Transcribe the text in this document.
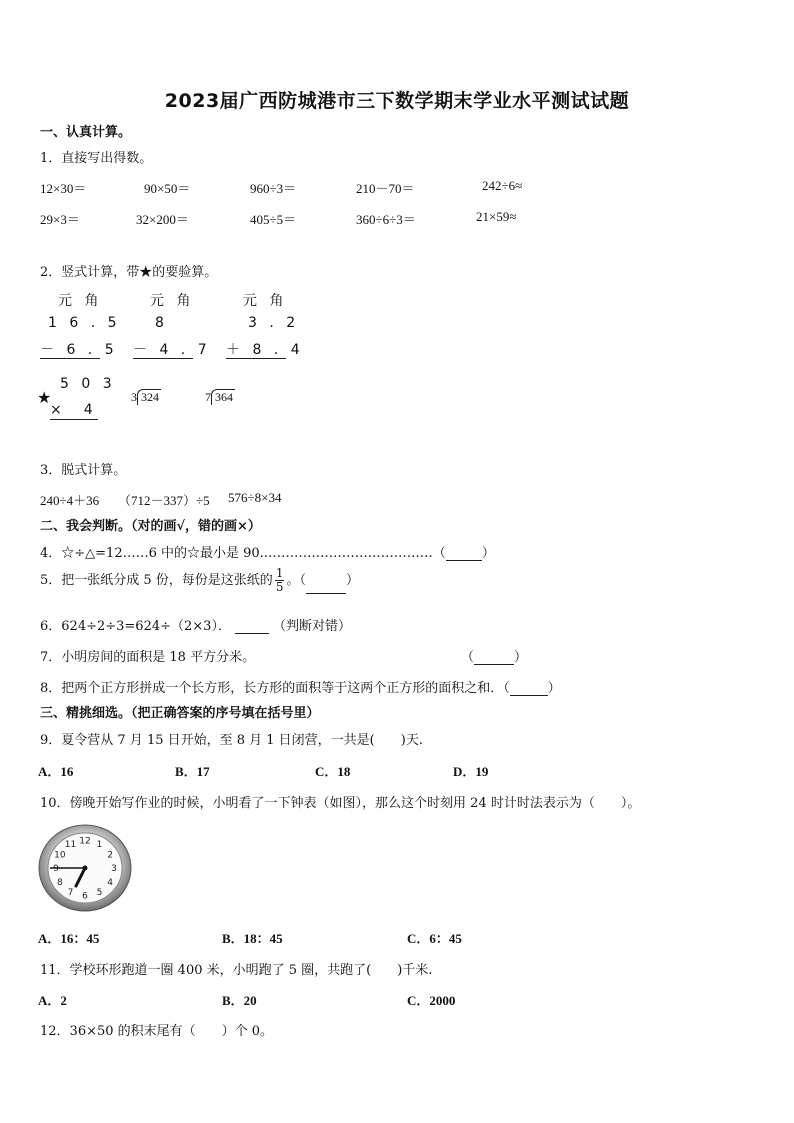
2023届广西防城港市三下数学期末学业水平测试试题
一、认真计算。
1．直接写出得数。
12×30＝	90×50＝	960÷3＝	210－70＝	242÷6≈
29×3＝	32×200＝	405÷5＝	360÷6÷3＝	21×59≈
2．竖式计算，带★的要验算。
元 角	元 角	元 角
1 6 . 5
－ 6 . 5
8
－ 4 . 7
3 . 2
＋ 8 . 4
★
5 0 3
×　4
3 324	7 364
3．脱式计算。
240÷4＋36 （712－337）÷5 576÷8×34
二、我会判断。（对的画√，错的画×）
4．☆÷△=12……6 中的☆最小是 90.…………………………………（	）
5．把一张纸分成 5 份，每份是这张纸的 $\frac{1}{5}$ 。（	）
6．624÷2÷3=624÷（2×3）．	（判断对错）
7．小明房间的面积是 18 平方分米。	（	）
8．把两个正方形拼成一个长方形，长方形的面积等于这两个正方形的面积之和．（	）
三、精挑细选。（把正确答案的序号填在括号里）
9．夏令营从 7 月 15 日开始，至 8 月 1 日闭营，一共是(　　)天.
A．16	B．17	C．18	D．19
10．傍晚开始写作业的时候，小明看了一下钟表（如图），那么这个时刻用 24 时计时法表示为（　　）。
12 1
2
3
4
5
6
7
8
9
10
11
A．16：45	B．18：45	C．6：45
11．学校环形跑道一圈 400 米，小明跑了 5 圈，共跑了(　　)千米.
A．2	B．20	C．2000
12．36×50 的积末尾有（　　）个 0。
